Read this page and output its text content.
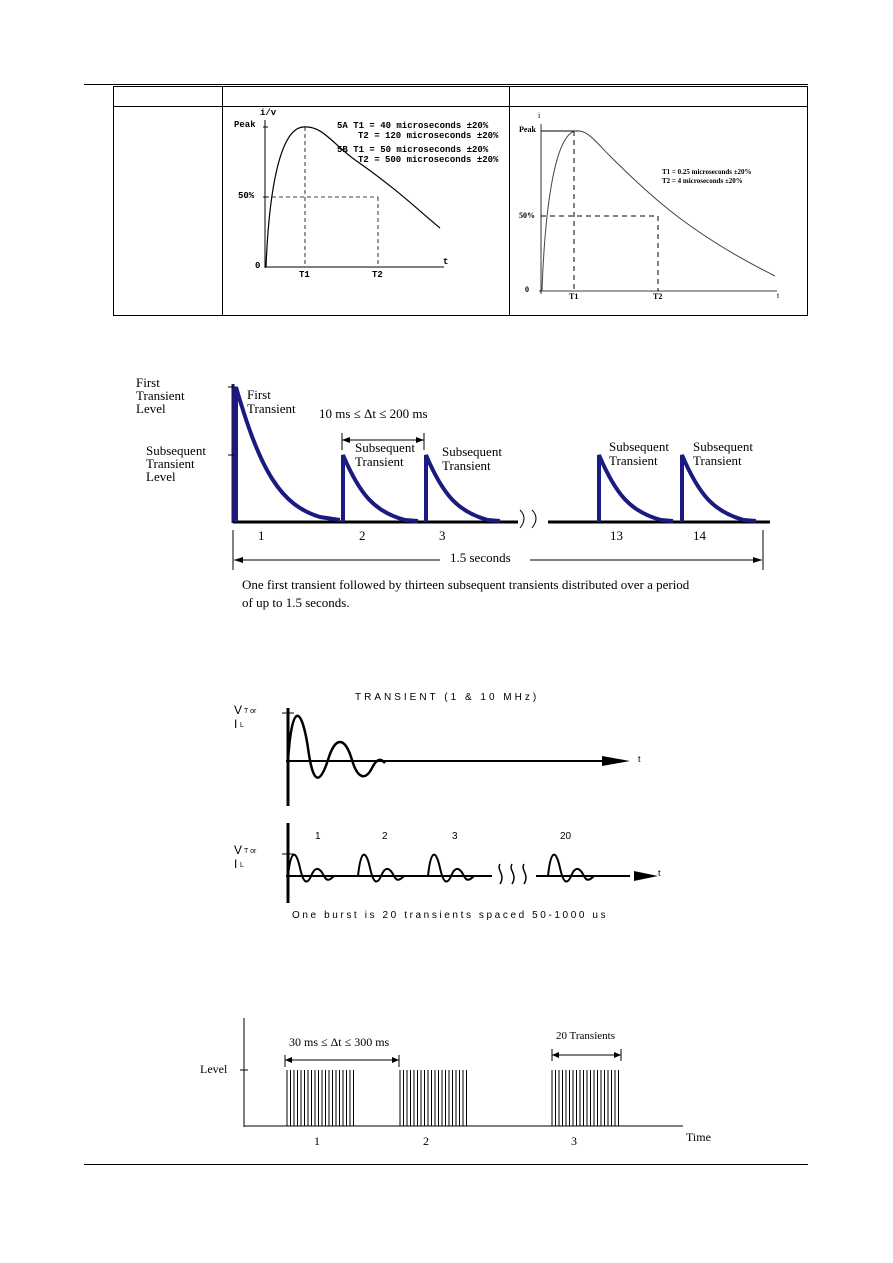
i/v
Peak
50%
0	t
T1	T2
5A T1 = 40 microseconds ±20%
T2 = 120 microseconds ±20%
5B T1 = 50 microseconds ±20%
T2 = 500 microseconds ±20%
i
Peak
50%
0
t
T1	T2
T1 = 0.25 microseconds ±20%
T2 = 4 microseconds ±20%
First
Transient
Level
Subsequent
Transient
Level
First
Transient 10 ms ≤ Δt ≤ 200 ms
Subsequent
Transient
Subsequent
Transient
Subsequent
Transient
Subsequent
Transient
1	2	3	13	14
1.5 seconds
One first transient followed by thirteen subsequent transients distributed over a period
of up to 1.5 seconds.
TRANSIENT (1 & 10 MHz)
V T or
I L
t
V T or
I L
t
1	2	3	20
One burst is 20 transients spaced 50-1000 us
Level
Time
30 ms ≤ Δt ≤ 300 ms	20 Transients
1	2	3
